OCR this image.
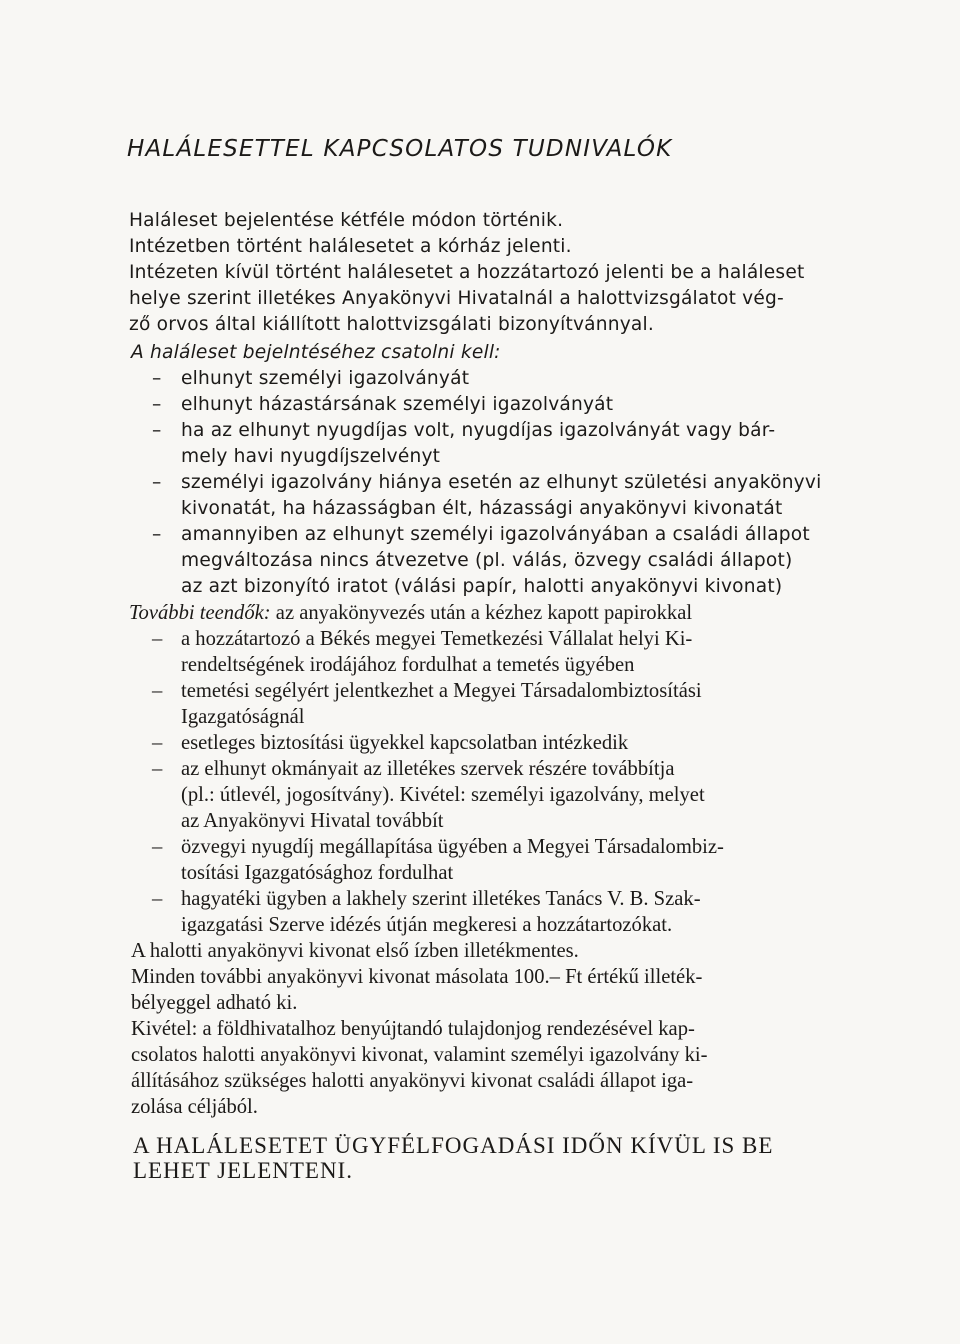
HALÁLESETTEL KAPCSOLATOS TUDNIVALÓK
Haláleset bejelentése kétféle módon történik.
Intézetben történt halálesetet a kórház jelenti.
Intézeten kívül történt halálesetet a hozzátartozó jelenti be a haláleset
helye szerint illetékes Anyakönyvi Hivatalnál a halottvizsgálatot vég-
ző orvos által kiállított halottvizsgálati bizonyítvánnyal.
A haláleset bejelntéséhez csatolni kell:
– elhunyt személyi igazolványát
– elhunyt házastársának személyi igazolványát
– ha az elhunyt nyugdíjas volt, nyugdíjas igazolványát vagy bár-
mely havi nyugdíjszelvényt
– személyi igazolvány hiánya esetén az elhunyt születési anyakönyvi
kivonatát, ha házasságban élt, házassági anyakönyvi kivonatát
– amannyiben az elhunyt személyi igazolványában a családi állapot
megváltozása nincs átvezetve (pl. válás, özvegy családi állapot)
az azt bizonyító iratot (válási papír, halotti anyakönyvi kivonat)
További teendők: az anyakönyvezés után a kézhez kapott papirokkal
– a hozzátartozó a Békés megyei Temetkezési Vállalat helyi Ki-
rendeltségének irodájához fordulhat a temetés ügyében
– temetési segélyért jelentkezhet a Megyei Társadalombiztosítási
Igazgatóságnál
– esetleges biztosítási ügyekkel kapcsolatban intézkedik
– az elhunyt okmányait az illetékes szervek részére továbbítja
(pl.: útlevél, jogosítvány). Kivétel: személyi igazolvány, melyet
az Anyakönyvi Hivatal továbbít
– özvegyi nyugdíj megállapítása ügyében a Megyei Társadalombiz-
tosítási Igazgatósághoz fordulhat
– hagyatéki ügyben a lakhely szerint illetékes Tanács V. B. Szak-
igazgatási Szerve idézés útján megkeresi a hozzátartozókat.
A halotti anyakönyvi kivonat első ízben illetékmentes.
Minden további anyakönyvi kivonat másolata 100.– Ft értékű illeték-
bélyeggel adható ki.
Kivétel: a földhivatalhoz benyújtandó tulajdonjog rendezésével kap-
csolatos halotti anyakönyvi kivonat, valamint személyi igazolvány ki-
állításához szükséges halotti anyakönyvi kivonat családi állapot iga-
zolása céljából.
A HALÁLESETET ÜGYFÉLFOGADÁSI IDŐN KÍVÜL IS BE
LEHET JELENTENI.
